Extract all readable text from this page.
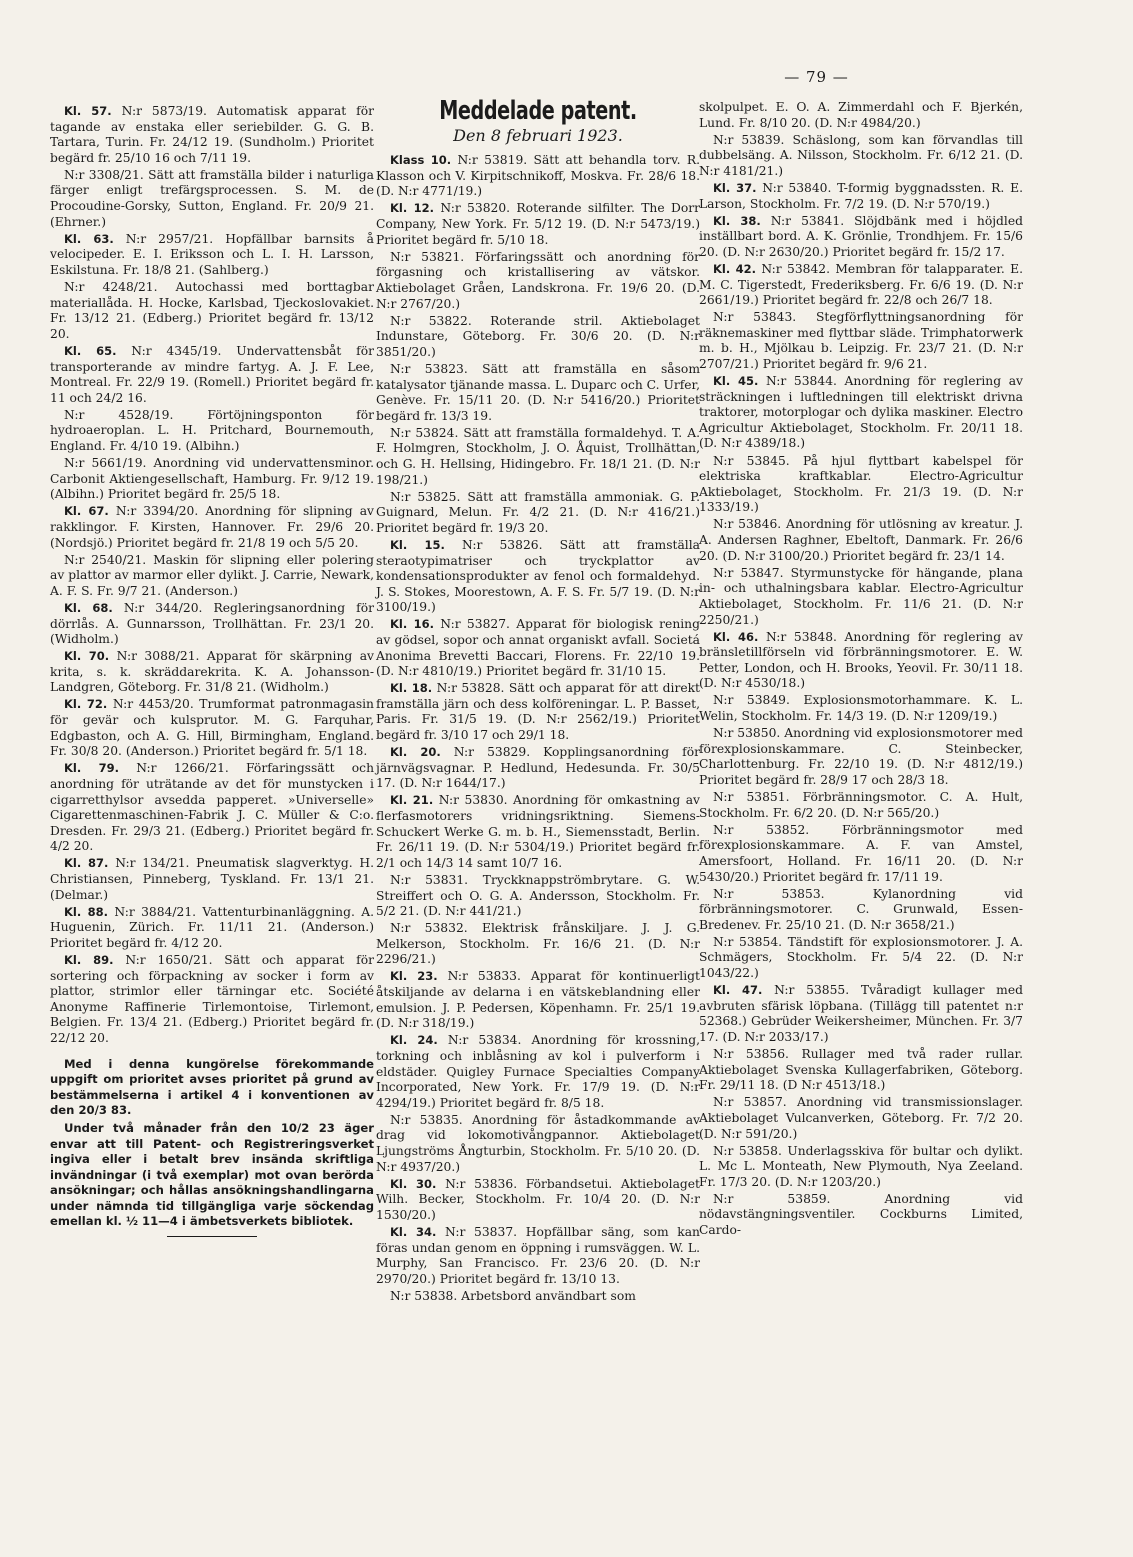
— 79 —

Kl. 57. N:r 5873/19. Automatisk apparat för tagande av enstaka eller seriebilder. G. G. B. Tartara, Turin. Fr. 24/12 19. (Sundholm.) Prioritet begärd fr. 25/10 16 och 7/11 19.

N:r 3308/21. Sätt att framställa bilder i naturliga färger enligt trefärgsprocessen. S. M. de Procoudine-Gorsky, Sutton, England. Fr. 20/9 21. (Ehrner.)

Kl. 63. N:r 2957/21. Hopfällbar barnsits å velocipeder. E. I. Eriksson och L. I. H. Larsson, Eskilstuna. Fr. 18/8 21. (Sahlberg.)

N:r 4248/21. Autochassi med borttagbar materiallåda. H. Hocke, Karlsbad, Tjeckoslovakiet. Fr. 13/12 21. (Edberg.) Prioritet begärd fr. 13/12 20.

Kl. 65. N:r 4345/19. Undervattensbåt för transporterande av mindre fartyg. A. J. F. Lee, Montreal. Fr. 22/9 19. (Romell.) Prioritet begärd fr. 11 och 24/2 16.

N:r 4528/19. Förtöjningsponton för hydroaeroplan. L. H. Pritchard, Bournemouth, England. Fr. 4/10 19. (Albihn.)

N:r 5661/19. Anordning vid undervattensminor. Carbonit Aktiengesellschaft, Hamburg. Fr. 9/12 19. (Albihn.) Prioritet begärd fr. 25/5 18.

Kl. 67. N:r 3394/20. Anordning för slipning av rakklingor. F. Kirsten, Hannover. Fr. 29/6 20. (Nordsjö.) Prioritet begärd fr. 21/8 19 och 5/5 20.

N:r 2540/21. Maskin för slipning eller polering av plattor av marmor eller dylikt. J. Carrie, Newark, A. F. S. Fr. 9/7 21. (Anderson.)

Kl. 68. N:r 344/20. Regleringsanordning för dörrlås. A. Gunnarsson, Trollhättan. Fr. 23/1 20. (Widholm.)

Kl. 70. N:r 3088/21. Apparat för skärpning av krita, s. k. skräddarekrita. K. A. Johansson-Landgren, Göteborg. Fr. 31/8 21. (Widholm.)

Kl. 72. N:r 4453/20. Trumformat patronmagasin för gevär och kulsprutor. M. G. Farquhar, Edgbaston, och A. G. Hill, Birmingham, England. Fr. 30/8 20. (Anderson.) Prioritet begärd fr. 5/1 18.

Kl. 79. N:r 1266/21. Förfaringssätt och anordning för uträtande av det för munstycken i cigarretthylsor avsedda papperet. »Universelle» Cigarettenmaschinen-Fabrik J. C. Müller & C:o. Dresden. Fr. 29/3 21. (Edberg.) Prioritet begärd fr. 4/2 20.

Kl. 87. N:r 134/21. Pneumatisk slagverktyg. H. Christiansen, Pinneberg, Tyskland. Fr. 13/1 21. (Delmar.)

Kl. 88. N:r 3884/21. Vattenturbinanläggning. A. Huguenin, Zürich. Fr. 11/11 21. (Anderson.) Prioritet begärd fr. 4/12 20.

Kl. 89. N:r 1650/21. Sätt och apparat för sortering och förpackning av socker i form av plattor, strimlor eller tärningar etc. Société Anonyme Raffinerie Tirlemontoise, Tirlemont, Belgien. Fr. 13/4 21. (Edberg.) Prioritet begärd fr. 22/12 20.

Med i denna kungörelse förekommande uppgift om prioritet avses prioritet på grund av bestämmelserna i artikel 4 i konventionen av den 20/3 83.

Under två månader från den 10/2 23 äger envar att till Patent- och Registreringsverket ingiva eller i betalt brev insända skriftliga invändningar (i två exemplar) mot ovan berörda ansökningar; och hållas ansökningshandlingarna under nämnda tid tillgängliga varje söckendag emellan kl. ½ 11—4 i ämbetsverkets bibliotek.

Meddelade patent.
Den 8 februari 1923.

Klass 10. N:r 53819. Sätt att behandla torv. R. Klasson och V. Kirpitschnikoff, Moskva. Fr. 28/6 18. (D. N:r 4771/19.)

Kl. 12. N:r 53820. Roterande silfilter. The Dorr Company, New York. Fr. 5/12 19. (D. N:r 5473/19.) Prioritet begärd fr. 5/10 18.

N:r 53821. Förfaringssätt och anordning för förgasning och kristallisering av vätskor. Aktiebolaget Gråen, Landskrona. Fr. 19/6 20. (D. N:r 2767/20.)

N:r 53822. Roterande stril. Aktiebolaget Indunstare, Göteborg. Fr. 30/6 20. (D. N:r 3851/20.)

N:r 53823. Sätt att framställa en såsom katalysator tjänande massa. L. Duparc och C. Urfer, Genève. Fr. 15/11 20. (D. N:r 5416/20.) Prioritet begärd fr. 13/3 19.

N:r 53824. Sätt att framställa formaldehyd. T. A. F. Holmgren, Stockholm, J. O. Åquist, Trollhättan, och G. H. Hellsing, Hidingebro. Fr. 18/1 21. (D. N:r 198/21.)

N:r 53825. Sätt att framställa ammoniak. G. P. Guignard, Melun. Fr. 4/2 21. (D. N:r 416/21.) Prioritet begärd fr. 19/3 20.

Kl. 15. N:r 53826. Sätt att framställa steraotypimatriser och tryckplattor av kondensationsprodukter av fenol och formaldehyd. J. S. Stokes, Moorestown, A. F. S. Fr. 5/7 19. (D. N:r 3100/19.)

Kl. 16. N:r 53827. Apparat för biologisk rening av gödsel, sopor och annat organiskt avfall. Societá Anonima Brevetti Baccari, Florens. Fr. 22/10 19. (D. N:r 4810/19.) Prioritet begärd fr. 31/10 15.

Kl. 18. N:r 53828. Sätt och apparat för att direkt framställa järn och dess kolföreningar. L. P. Basset, Paris. Fr. 31/5 19. (D. N:r 2562/19.) Prioritet begärd fr. 3/10 17 och 29/1 18.

Kl. 20. N:r 53829. Kopplingsanordning för järnvägsvagnar. P. Hedlund, Hedesunda. Fr. 30/5 17. (D. N:r 1644/17.)

Kl. 21. N:r 53830. Anordning för omkastning av flerfasmotorers vridningsriktning. Siemens-Schuckert Werke G. m. b. H., Siemensstadt, Berlin. Fr. 26/11 19. (D. N:r 5304/19.) Prioritet begärd fr. 2/1 och 14/3 14 samt 10/7 16.

N:r 53831. Tryckknappströmbrytare. G. W. Streiffert och O. G. A. Andersson, Stockholm. Fr. 5/2 21. (D. N:r 441/21.)

N:r 53832. Elektrisk frånskiljare. J. J. G. Melkerson, Stockholm. Fr. 16/6 21. (D. N:r 2296/21.)

Kl. 23. N:r 53833. Apparat för kontinuerligt åtskiljande av delarna i en vätskeblandning eller emulsion. J. P. Pedersen, Köpenhamn. Fr. 25/1 19. (D. N:r 318/19.)

Kl. 24. N:r 53834. Anordning för krossning, torkning och inblåsning av kol i pulverform i eldstäder. Quigley Furnace Specialties Company Incorporated, New York. Fr. 17/9 19. (D. N:r 4294/19.) Prioritet begärd fr. 8/5 18.

N:r 53835. Anordning för åstadkommande av drag vid lokomotivångpannor. Aktiebolaget Ljungströms Ångturbin, Stockholm. Fr. 5/10 20. (D. N:r 4937/20.)

Kl. 30. N:r 53836. Förbandsetui. Aktiebolaget Wilh. Becker, Stockholm. Fr. 10/4 20. (D. N:r 1530/20.)

Kl. 34. N:r 53837. Hopfällbar säng, som kan föras undan genom en öppning i rumsväggen. W. L. Murphy, San Francisco. Fr. 23/6 20. (D. N:r 2970/20.) Prioritet begärd fr. 13/10 13.

N:r 53838. Arbetsbord användbart som

skolpulpet. E. O. A. Zimmerdahl och F. Bjerkén, Lund. Fr. 8/10 20. (D. N:r 4984/20.)

N:r 53839. Schäslong, som kan förvandlas till dubbelsäng. A. Nilsson, Stockholm. Fr. 6/12 21. (D. N:r 4181/21.)

Kl. 37. N:r 53840. T-formig byggnadssten. R. E. Larson, Stockholm. Fr. 7/2 19. (D. N:r 570/19.)

Kl. 38. N:r 53841. Slöjdbänk med i höjdled inställbart bord. A. K. Grönlie, Trondhjem. Fr. 15/6 20. (D. N:r 2630/20.) Prioritet begärd fr. 15/2 17.

Kl. 42. N:r 53842. Membran för talapparater. E. M. C. Tigerstedt, Frederiksberg. Fr. 6/6 19. (D. N:r 2661/19.) Prioritet begärd fr. 22/8 och 26/7 18.

N:r 53843. Stegförflyttningsanordning för räknemaskiner med flyttbar släde. Trimphatorwerk m. b. H., Mjölkau b. Leipzig. Fr. 23/7 21. (D. N:r 2707/21.) Prioritet begärd fr. 9/6 21.

Kl. 45. N:r 53844. Anordning för reglering av sträckningen i luftledningen till elektriskt drivna traktorer, motorplogar och dylika maskiner. Electro Agricultur Aktiebolaget, Stockholm. Fr. 20/11 18. (D. N:r 4389/18.)

N:r 53845. På hjul flyttbart kabelspel för elektriska kraftkablar. Electro-Agricultur Aktiebolaget, Stockholm. Fr. 21/3 19. (D. N:r 1333/19.)

N:r 53846. Anordning för utlösning av kreatur. J. A. Andersen Raghner, Ebeltoft, Danmark. Fr. 26/6 20. (D. N:r 3100/20.) Prioritet begärd fr. 23/1 14.

N:r 53847. Styrmunstycke för hängande, plana in- och uthalningsbara kablar. Electro-Agricultur Aktiebolaget, Stockholm. Fr. 11/6 21. (D. N:r 2250/21.)

Kl. 46. N:r 53848. Anordning för reglering av bränsletillförseln vid förbränningsmotorer. E. W. Petter, London, och H. Brooks, Yeovil. Fr. 30/11 18. (D. N:r 4530/18.)

N:r 53849. Explosionsmotorhammare. K. L. Welin, Stockholm. Fr. 14/3 19. (D. N:r 1209/19.)

N:r 53850. Anordning vid explosionsmotorer med förexplosionskammare. C. Steinbecker, Charlottenburg. Fr. 22/10 19. (D. N:r 4812/19.) Prioritet begärd fr. 28/9 17 och 28/3 18.

N:r 53851. Förbränningsmotor. C. A. Hult, Stockholm. Fr. 6/2 20. (D. N:r 565/20.)

N:r 53852. Förbränningsmotor med förexplosionskammare. A. F. van Amstel, Amersfoort, Holland. Fr. 16/11 20. (D. N:r 5430/20.) Prioritet begärd fr. 17/11 19.

N:r 53853. Kylanordning vid förbränningsmotorer. C. Grunwald, Essen-Bredenev. Fr. 25/10 21. (D. N:r 3658/21.)

N:r 53854. Tändstift för explosionsmotorer. J. A. Schmägers, Stockholm. Fr. 5/4 22. (D. N:r 1043/22.)

Kl. 47. N:r 53855. Tvåradigt kullager med avbruten sfärisk löpbana. (Tillägg till patentet n:r 52368.) Gebrüder Weikersheimer, München. Fr. 3/7 17. (D. N:r 2033/17.)

N:r 53856. Rullager med två rader rullar. Aktiebolaget Svenska Kullagerfabriken, Göteborg. Fr. 29/11 18. (D N:r 4513/18.)

N:r 53857. Anordning vid transmissionslager. Aktiebolaget Vulcanverken, Göteborg. Fr. 7/2 20. (D. N:r 591/20.)

N:r 53858. Underlagsskiva för bultar och dylikt. L. Mc L. Monteath, New Plymouth, Nya Zeeland. Fr. 17/3 20. (D. N:r 1203/20.)

N:r 53859. Anordning vid nödavstängningsventiler. Cockburns Limited, Cardo-
